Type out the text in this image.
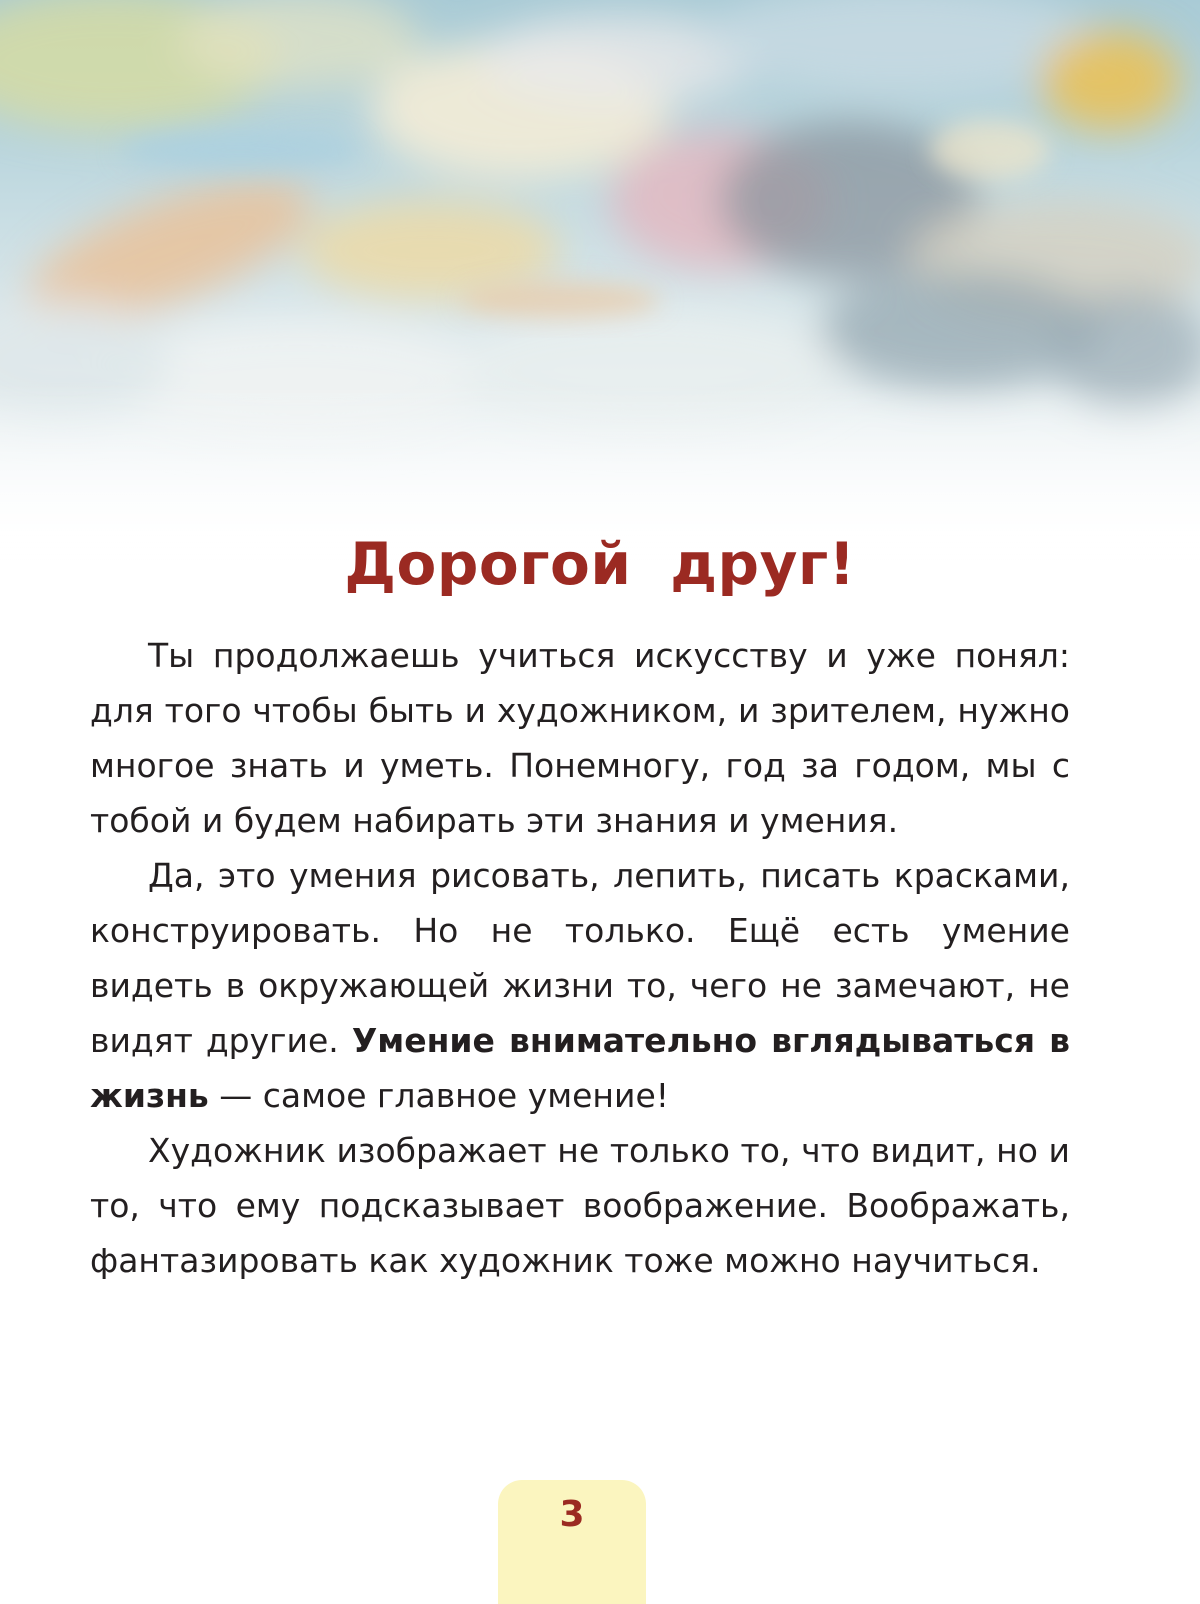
Дорогой друг!

Ты продолжаешь учиться искусству и уже понял: для того чтобы быть и художником, и зрителем, нужно многое знать и уметь. Понемногу, год за годом, мы с тобой и будем набирать эти знания и умения.

Да, это умения рисовать, лепить, писать красками, конструировать. Но не только. Ещё есть умение видеть в окружающей жизни то, чего не замечают, не видят другие. Умение внимательно вглядываться в жизнь — самое главное умение!

Художник изображает не только то, что видит, но и то, что ему подсказывает воображение. Воображать, фантазировать как художник тоже можно научиться.

3
